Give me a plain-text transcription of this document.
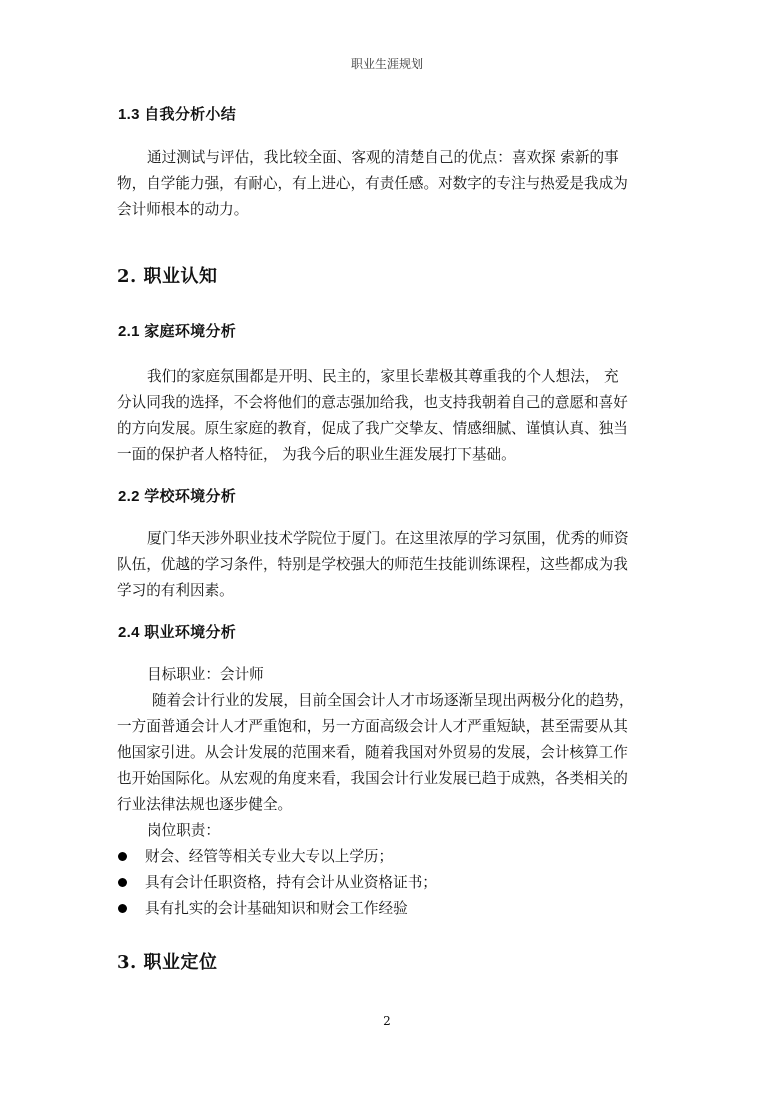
职业生涯规划
1.3 自我分析小结
通过测试与评估，我比较全面、客观的清楚自己的优点：喜欢探 索新的事
物，自学能力强，有耐心，有上进心，有责任感。对数字的专注与热爱是我成为
会计师根本的动力。
2. 职业认知
2.1 家庭环境分析
我们的家庭氛围都是开明、民主的，家里长辈极其尊重我的个人想法， 充
分认同我的选择，不会将他们的意志强加给我，也支持我朝着自己的意愿和喜好
的方向发展。原生家庭的教育，促成了我广交挚友、情感细腻、谨慎认真、独当
一面的保护者人格特征， 为我今后的职业生涯发展打下基础。
2.2 学校环境分析
厦门华天涉外职业技术学院位于厦门。在这里浓厚的学习氛围，优秀的师资
队伍，优越的学习条件，特别是学校强大的师范生技能训练课程，这些都成为我
学习的有利因素。
2.4 职业环境分析
目标职业：会计师
随着会计行业的发展，目前全国会计人才市场逐渐呈现出两极分化的趋势，
一方面普通会计人才严重饱和，另一方面高级会计人才严重短缺，甚至需要从其
他国家引进。从会计发展的范围来看，随着我国对外贸易的发展，会计核算工作
也开始国际化。从宏观的角度来看，我国会计行业发展已趋于成熟，各类相关的
行业法律法规也逐步健全。
岗位职责：
财会、经管等相关专业大专以上学历；
具有会计任职资格，持有会计从业资格证书；
具有扎实的会计基础知识和财会工作经验
3. 职业定位
2
